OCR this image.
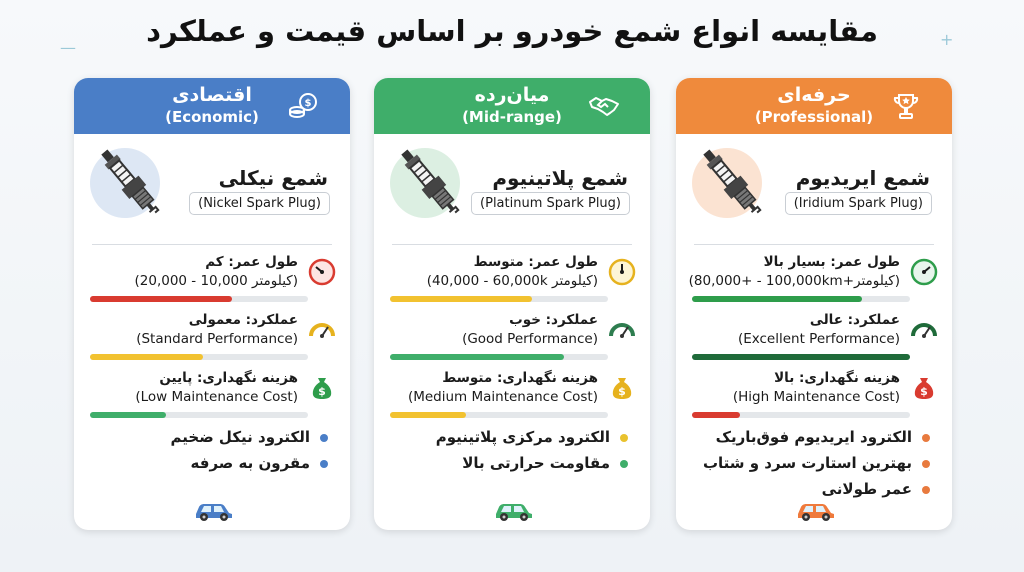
مقایسه انواع شمع خودرو بر اساس قیمت و عملکرد
—	+
اقتصادی
(Economic)
$
شمع نیکلی
(Nickel Spark Plug)
طول عمر: کم
(20,000 - 10,000 کیلومتر)
عملکرد: معمولی
(Standard Performance)
هزینه نگهداری: پایین
(Low Maintenance Cost) $
الکترود نیکل ضخیم
مقرون به صرفه
میان‌رده
(Mid-range)
شمع پلاتینیوم
(Platinum Spark Plug)
طول عمر: متوسط
(40,000 - 60,000k کیلومتر)
عملکرد: خوب
(Good Performance)
هزینه نگهداری: متوسط
(Medium Maintenance Cost) $
الکترود مرکزی پلاتینیوم
مقاومت حرارتی بالا
حرفه‌ای
(Professional)
شمع ایریدیوم
(Iridium Spark Plug)
طول عمر: بسیار بالا
(80,000+ - 100,000km+کیلومتر)
عملکرد: عالی
(Excellent Performance)
هزینه نگهداری: بالا
(High Maintenance Cost) $
الکترود ایریدیوم فوق‌باریک
بهترین استارت سرد و شتاب
عمر طولانی
